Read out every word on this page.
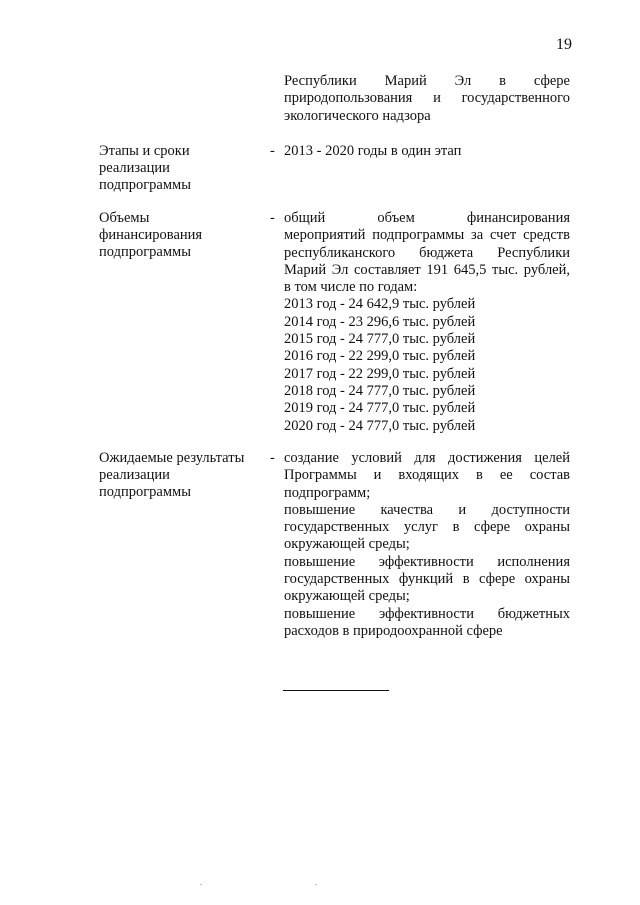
19
Республики Марий Эл в сфере
природопользования и государственного
экологического надзора
Этапы и сроки
реализации
подпрограммы
- 2013 - 2020 годы в один этап
Объемы
финансирования
подпрограммы
- общий объем финансирования
мероприятий подпрограммы за счет средств
республиканского бюджета Республики
Марий Эл составляет 191 645,5 тыс. рублей,
в том числе по годам:
2013 год - 24 642,9 тыс. рублей
2014 год - 23 296,6 тыс. рублей
2015 год - 24 777,0 тыс. рублей
2016 год - 22 299,0 тыс. рублей
2017 год - 22 299,0 тыс. рублей
2018 год - 24 777,0 тыс. рублей
2019 год - 24 777,0 тыс. рублей
2020 год - 24 777,0 тыс. рублей
Ожидаемые результаты
реализации
подпрограммы
- создание условий для достижения целей
Программы и входящих в ее состав
подпрограмм;
повышение качества и доступности
государственных услуг в сфере охраны
окружающей среды;
повышение эффективности исполнения
государственных функций в сфере охраны
окружающей среды;
повышение эффективности бюджетных
расходов в природоохранной сфере
